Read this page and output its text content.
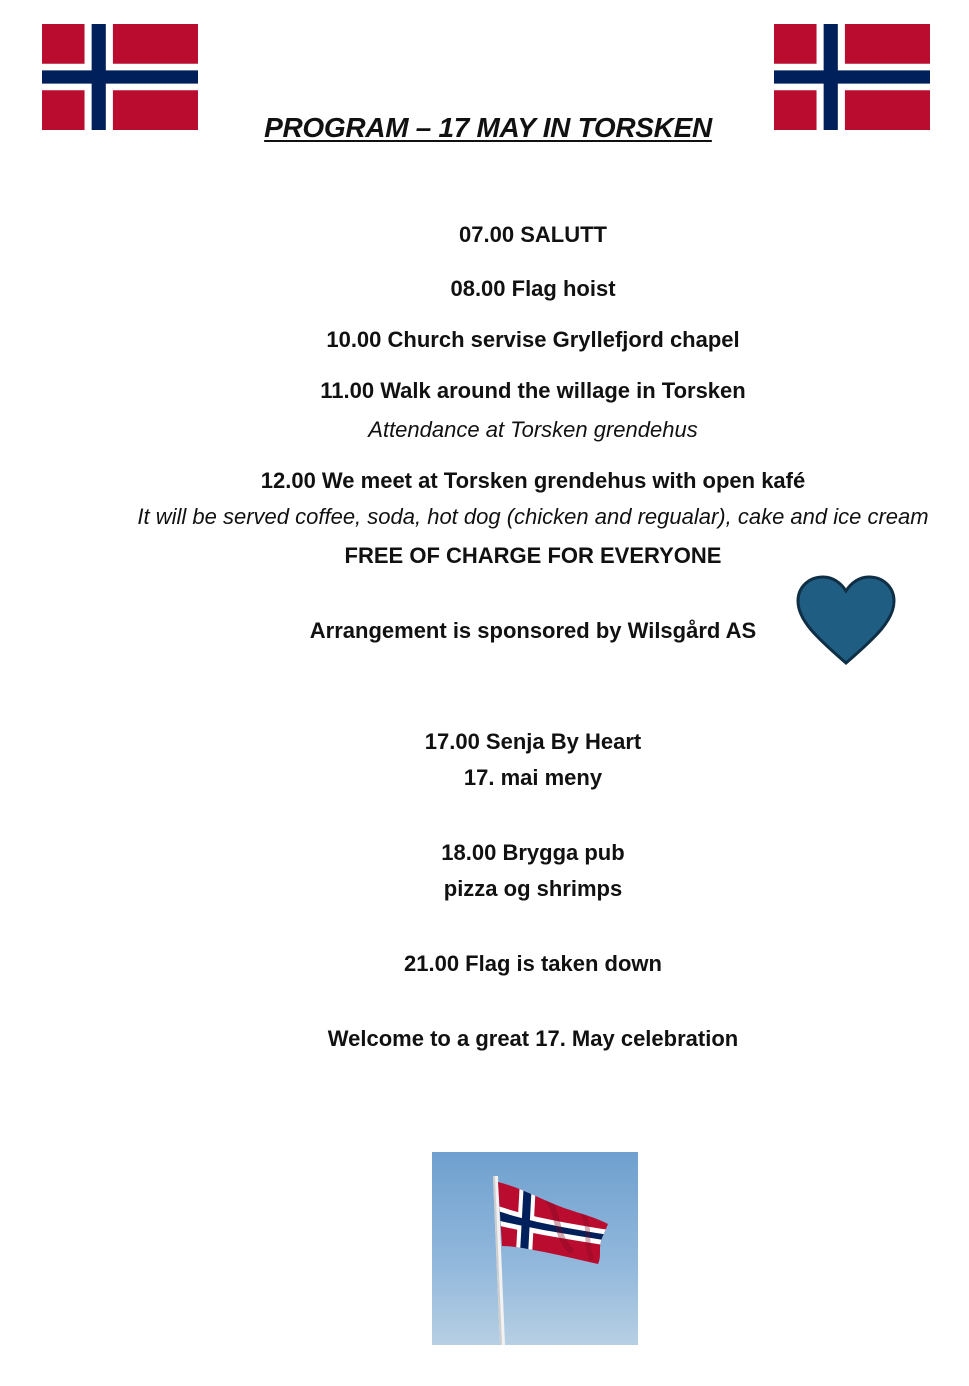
PROGRAM – 17 MAY IN TORSKEN
07.00 SALUTT
08.00 Flag hoist
10.00 Church servise Gryllefjord chapel
11.00 Walk around the willage in Torsken
Attendance at Torsken grendehus
12.00 We meet at Torsken grendehus with open kafé
It will be served coffee, soda, hot dog (chicken and regualar), cake and ice cream
FREE OF CHARGE FOR EVERYONE
Arrangement is sponsored by Wilsgård AS
17.00 Senja By Heart
17. mai meny
18.00 Brygga pub
pizza og shrimps
21.00 Flag is taken down
Welcome to a great 17. May celebration
